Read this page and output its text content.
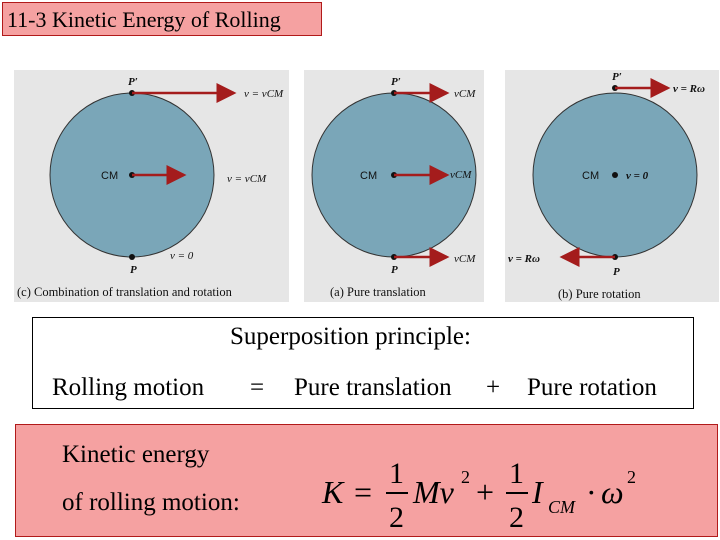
11-3 Kinetic Energy of Rolling
P′
v = vCM
CM	v = vCM
v = 0
P
(c) Combination of translation and rotation
P′
vCM
CM	vCM
vCM
P
(a) Pure translation
P′
v = Rω
CM v = 0
v = Rω
P
(b) Pure rotation
Superposition principle:
Rolling motion = Pure translation + Pure rotation
Kinetic energy
of rolling motion:	K =
1
2
Mv 2 +
1
2
I CM · ω 2
